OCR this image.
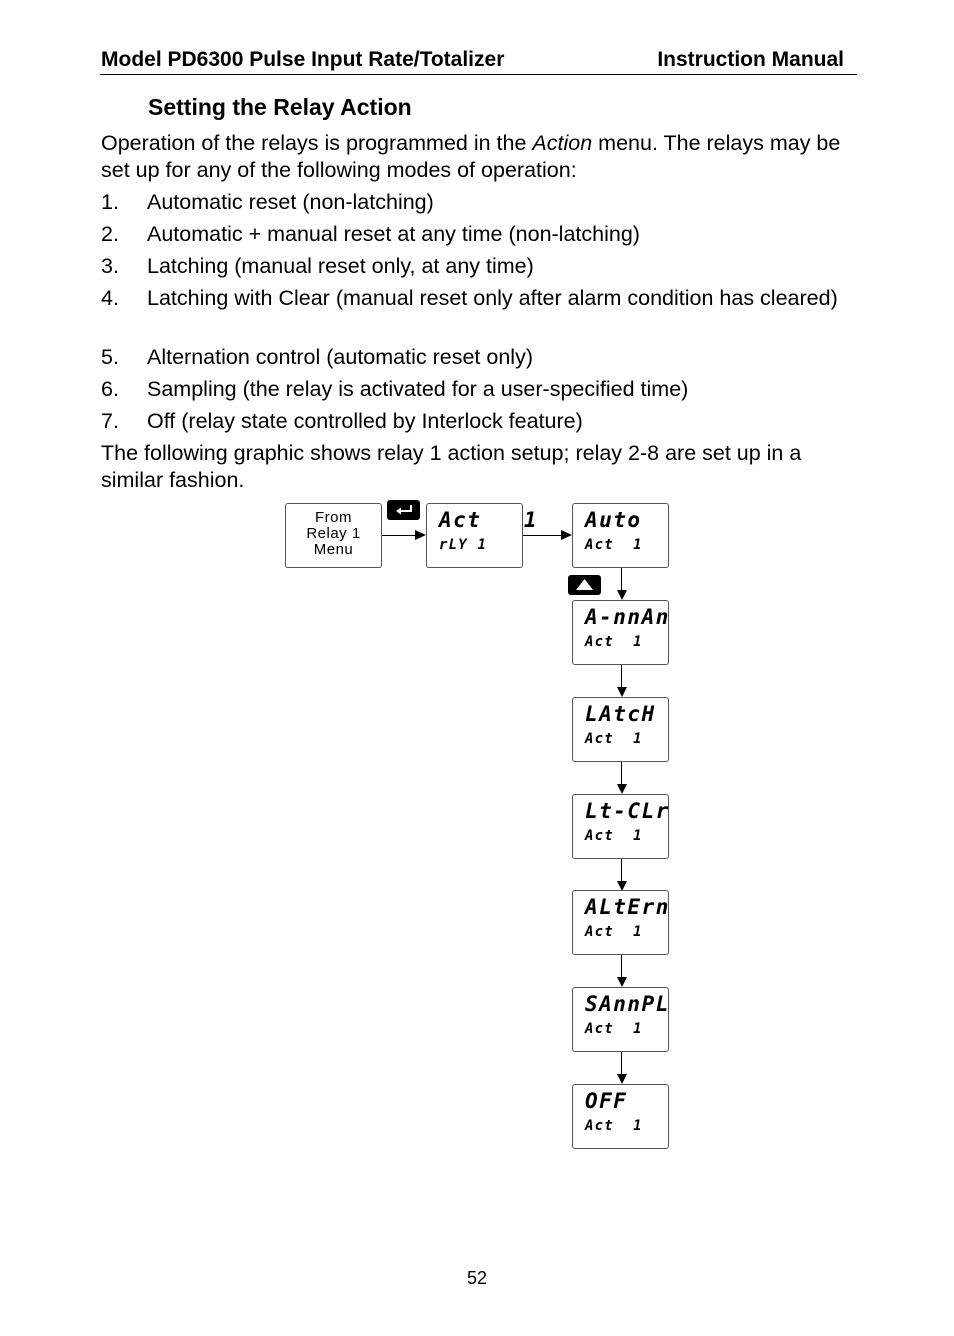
Model PD6300 Pulse Input Rate/Totalizer	Instruction Manual
Setting the Relay Action
Operation of the relays is programmed in the Action menu. The relays may be set up for any of the following modes of operation:
1. Automatic reset (non-latching)
2. Automatic + manual reset at any time (non-latching)
3. Latching (manual reset only, at any time)
4. Latching with Clear (manual reset only after alarm condition has cleared)
5. Alternation control (automatic reset only)
6. Sampling (the relay is activated for a user-specified time)
7. Off (relay state controlled by Interlock feature)
The following graphic shows relay 1 action setup; relay 2-8 are set up in a similar fashion.
From
Relay 1
Menu
Act   1
rLY 1
Auto
Act  1
A-nnAn
Act  1
LAtcH
Act  1
Lt-CLr
Act  1
ALtErn
Act  1
SAnnPL
Act  1
OFF
Act  1
52
